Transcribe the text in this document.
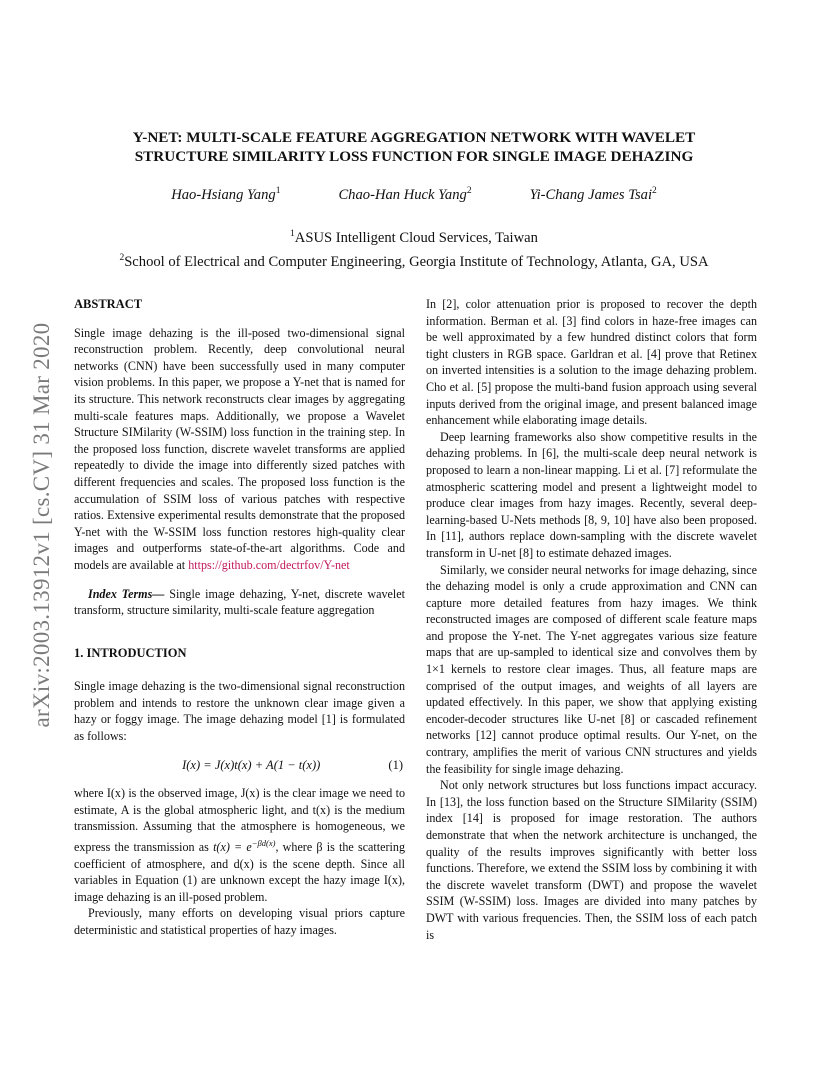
arXiv:2003.13912v1 [cs.CV] 31 Mar 2020
Y-NET: MULTI-SCALE FEATURE AGGREGATION NETWORK WITH WAVELET
STRUCTURE SIMILARITY LOSS FUNCTION FOR SINGLE IMAGE DEHAZING
Hao-Hsiang Yang$^1$	Chao-Han Huck Yang$^2$	Yi-Chang James Tsai$^2$
$^1$ASUS Intelligent Cloud Services, Taiwan
$^2$School of Electrical and Computer Engineering, Georgia Institute of Technology, Atlanta, GA, USA

ABSTRACT

Single image dehazing is the ill-posed two-dimensional signal reconstruction problem. Recently, deep convolutional neural networks (CNN) have been successfully used in many computer vision problems. In this paper, we propose a Y-net that is named for its structure. This network reconstructs clear images by aggregating multi-scale features maps. Additionally, we propose a Wavelet Structure SIMilarity (W-SSIM) loss function in the training step. In the proposed loss function, discrete wavelet transforms are applied repeatedly to divide the image into differently sized patches with different frequencies and scales. The proposed loss function is the accumulation of SSIM loss of various patches with respective ratios. Extensive experimental results demonstrate that the proposed Y-net with the W-SSIM loss function restores high-quality clear images and outperforms state-of-the-art algorithms. Code and models are available at https://github.com/dectrfov/Y-net

Index Terms— Single image dehazing, Y-net, discrete wavelet transform, structure similarity, multi-scale feature aggregation

1. INTRODUCTION

Single image dehazing is the two-dimensional signal reconstruction problem and intends to restore the unknown clear image given a hazy or foggy image. The image dehazing model [1] is formulated as follows:

I(x) = J(x)t(x) + A(1 − t(x))	(1)

where I(x) is the observed image, J(x) is the clear image we need to estimate, A is the global atmospheric light, and t(x) is the medium transmission. Assuming that the atmosphere is homogeneous, we express the transmission as $t(x) = e^{-\beta d(x)}$, where β is the scattering coefficient of atmosphere, and d(x) is the scene depth. Since all variables in Equation (1) are unknown except the hazy image I(x), image dehazing is an ill-posed problem.

Previously, many efforts on developing visual priors capture deterministic and statistical properties of hazy images.

In [2], color attenuation prior is proposed to recover the depth information. Berman et al. [3] find colors in haze-free images can be well approximated by a few hundred distinct colors that form tight clusters in RGB space. Garldran et al. [4] prove that Retinex on inverted intensities is a solution to the image dehazing problem. Cho et al. [5] propose the multi-band fusion approach using several inputs derived from the original image, and present balanced image enhancement while elaborating image details.

Deep learning frameworks also show competitive results in the dehazing problems. In [6], the multi-scale deep neural network is proposed to learn a non-linear mapping. Li et al. [7] reformulate the atmospheric scattering model and present a lightweight model to produce clear images from hazy images. Recently, several deep-learning-based U-Nets methods [8, 9, 10] have also been proposed. In [11], authors replace down-sampling with the discrete wavelet transform in U-net [8] to estimate dehazed images.

Similarly, we consider neural networks for image dehazing, since the dehazing model is only a crude approximation and CNN can capture more detailed features from hazy images. We think reconstructed images are composed of different scale feature maps and propose the Y-net. The Y-net aggregates various size feature maps that are up-sampled to identical size and convolves them by 1×1 kernels to restore clear images. Thus, all feature maps are comprised of the output images, and weights of all layers are updated effectively. In this paper, we show that applying existing encoder-decoder structures like U-net [8] or cascaded refinement networks [12] cannot produce optimal results. Our Y-net, on the contrary, amplifies the merit of various CNN structures and yields the feasibility for single image dehazing.

Not only network structures but loss functions impact accuracy. In [13], the loss function based on the Structure SIMilarity (SSIM) index [14] is proposed for image restoration. The authors demonstrate that when the network architecture is unchanged, the quality of the results improves significantly with better loss functions. Therefore, we extend the SSIM loss by combining it with the discrete wavelet transform (DWT) and propose the wavelet SSIM (W-SSIM) loss. Images are divided into many patches by DWT with various frequencies. Then, the SSIM loss of each patch is
